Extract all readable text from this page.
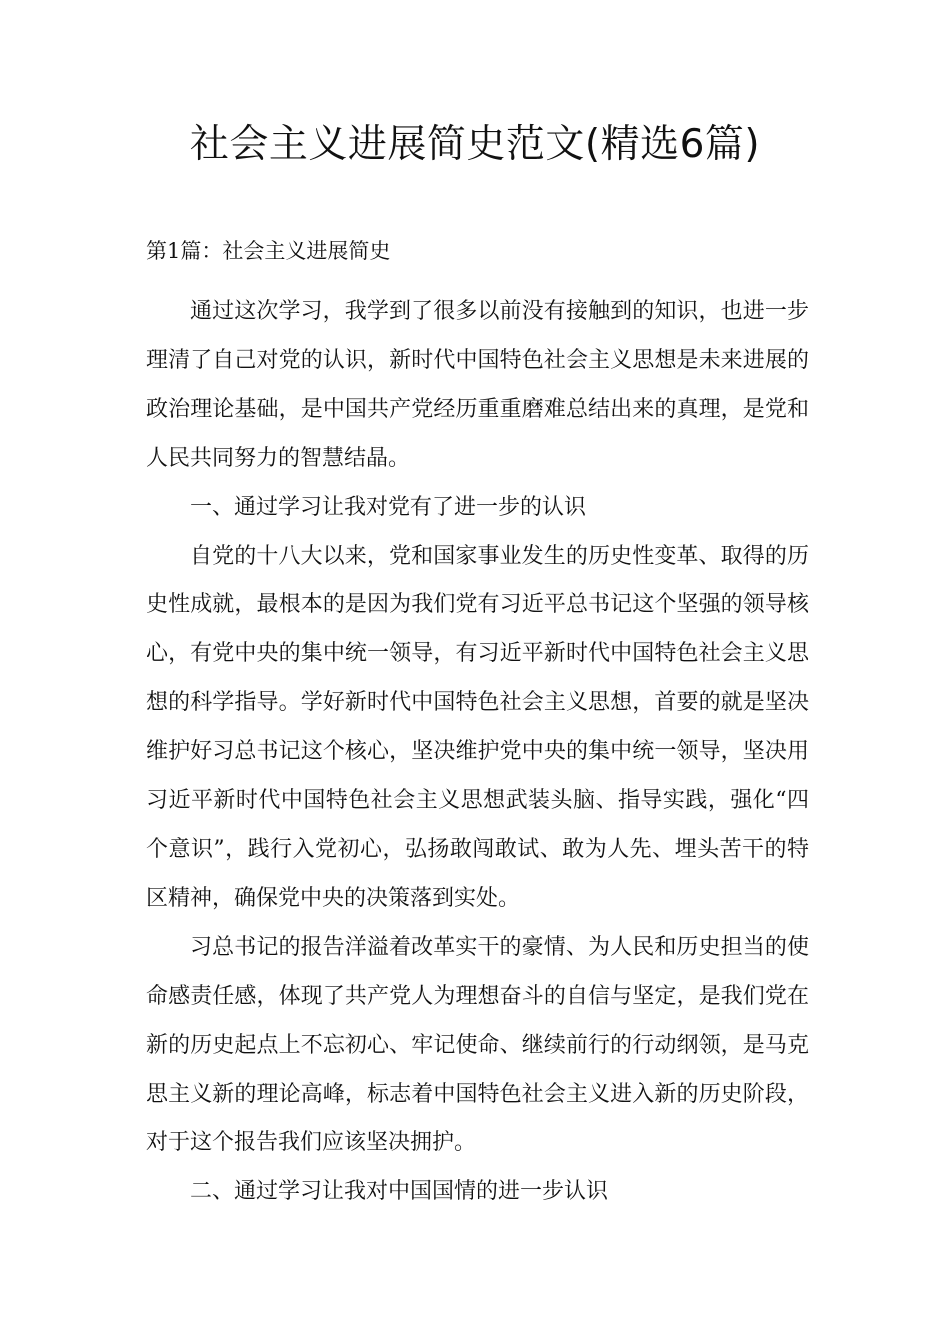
社会主义进展简史范文(精选6篇)
第1篇：社会主义进展简史

通过这次学习，我学到了很多以前没有接触到的知识，也进一步理清了自己对党的认识，新时代中国特色社会主义思想是未来进展的政治理论基础，是中国共产党经历重重磨难总结出来的真理，是党和人民共同努力的智慧结晶。

一、通过学习让我对党有了进一步的认识

自党的十八大以来，党和国家事业发生的历史性变革、取得的历史性成就，最根本的是因为我们党有习近平总书记这个坚强的领导核心，有党中央的集中统一领导，有习近平新时代中国特色社会主义思想的科学指导。学好新时代中国特色社会主义思想，首要的就是坚决维护好习总书记这个核心，坚决维护党中央的集中统一领导，坚决用习近平新时代中国特色社会主义思想武装头脑、指导实践，强化“四个意识”，践行入党初心，弘扬敢闯敢试、敢为人先、埋头苦干的特区精神，确保党中央的决策落到实处。

习总书记的报告洋溢着改革实干的豪情、为人民和历史担当的使命感责任感，体现了共产党人为理想奋斗的自信与坚定，是我们党在新的历史起点上不忘初心、牢记使命、继续前行的行动纲领，是马克思主义新的理论高峰，标志着中国特色社会主义进入新的历史阶段，对于这个报告我们应该坚决拥护。

二、通过学习让我对中国国情的进一步认识
